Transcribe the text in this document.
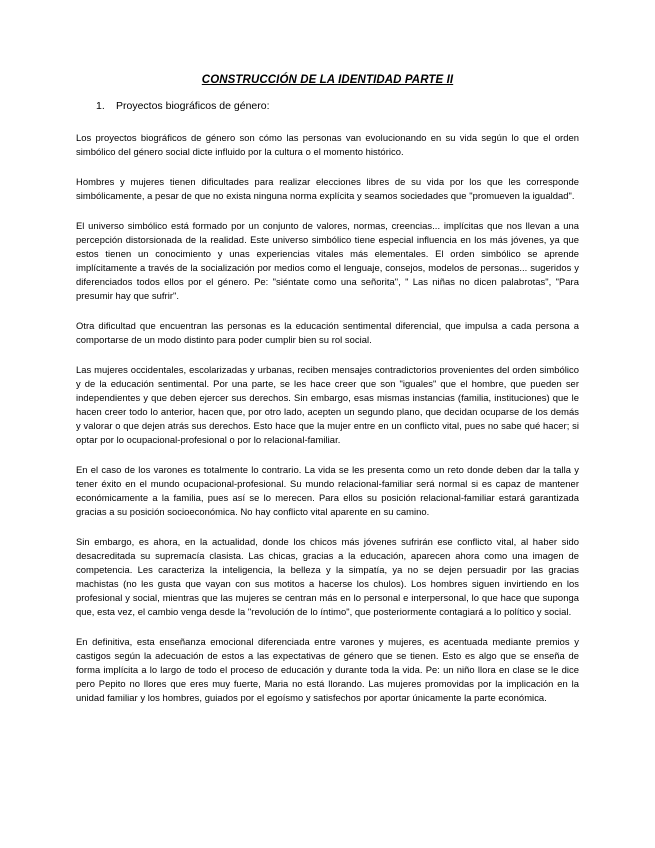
CONSTRUCCIÓN DE LA IDENTIDAD PARTE II
1.	Proyectos biográficos de género:

Los proyectos biográficos de género son cómo las personas van evolucionando en su vida según lo que el orden simbólico del género social dicte influido por la cultura o el momento histórico.

Hombres y mujeres tienen dificultades para realizar elecciones libres de su vida por los que les corresponde simbólicamente, a pesar de que no exista ninguna norma explícita y seamos sociedades que "promueven la igualdad".

El universo simbólico está formado por un conjunto de valores, normas, creencias... implícitas que nos llevan a una percepción distorsionada de la realidad. Este universo simbólico tiene especial influencia en los más jóvenes, ya que estos tienen un conocimiento y unas experiencias vitales más elementales. El orden simbólico se aprende implícitamente a través de la socialización por medios como el lenguaje, consejos, modelos de personas... sugeridos y diferenciados todos ellos por el género. Pe: "siéntate como una señorita", " Las niñas no dicen palabrotas", "Para presumir hay que sufrir".

Otra dificultad que encuentran las personas es la educación sentimental diferencial, que impulsa a cada persona a comportarse de un modo distinto para poder cumplir bien su rol social.

Las mujeres occidentales, escolarizadas y urbanas, reciben mensajes contradictorios provenientes del orden simbólico y de la educación sentimental. Por una parte, se les hace creer que son "iguales" que el hombre, que pueden ser independientes y que deben ejercer sus derechos. Sin embargo, esas mismas instancias (familia, instituciones) que le hacen creer todo lo anterior, hacen que, por otro lado, acepten un segundo plano, que decidan ocuparse de los demás y valorar o que dejen atrás sus derechos. Esto hace que la mujer entre en un conflicto vital, pues no sabe qué hacer; si optar por lo ocupacional-profesional o por lo relacional-familiar.

En el caso de los varones es totalmente lo contrario. La vida se les presenta como un reto donde deben dar la talla y tener éxito en el mundo ocupacional-profesional. Su mundo relacional-familiar será normal si es capaz de mantener económicamente a la familia, pues así se lo merecen. Para ellos su posición relacional-familiar estará garantizada gracias a su posición socioeconómica. No hay conflicto vital aparente en su camino.

Sin embargo, es ahora, en la actualidad, donde los chicos más jóvenes sufrirán ese conflicto vital, al haber sido desacreditada su supremacía clasista. Las chicas, gracias a la educación, aparecen ahora como una imagen de competencia. Les caracteriza la inteligencia, la belleza y la simpatía, ya no se dejen persuadir por las gracias machistas (no les gusta que vayan con sus motitos a hacerse los chulos). Los hombres siguen invirtiendo en los profesional y social, mientras que las mujeres se centran más en lo personal e interpersonal, lo que hace que suponga que, esta vez, el cambio venga desde la "revolución de lo íntimo", que posteriormente contagiará a lo político y social.

En definitiva, esta enseñanza emocional diferenciada entre varones y mujeres, es acentuada mediante premios y castigos según la adecuación de estos a las expectativas de género que se tienen. Esto es algo que se enseña de forma implícita a lo largo de todo el proceso de educación y durante toda la vida. Pe: un niño llora en clase se le dice pero Pepito no llores que eres muy fuerte, Maria no está llorando. Las mujeres promovidas por la implicación en la unidad familiar y los hombres, guiados por el egoísmo y satisfechos por aportar únicamente la parte económica.
